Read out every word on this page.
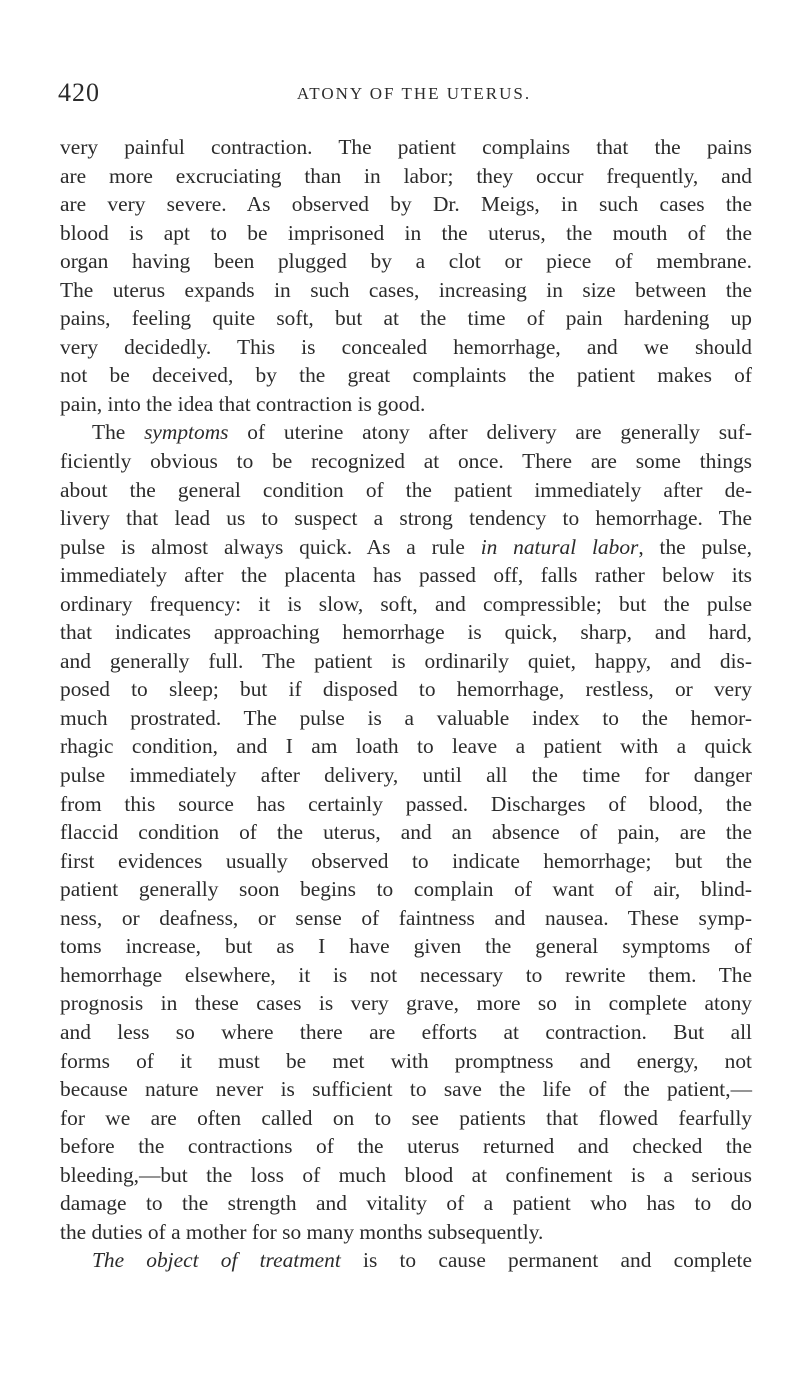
420	ATONY OF THE UTERUS.
very painful contraction. The patient complains that the pains
are more excruciating than in labor; they occur frequently, and
are very severe. As observed by Dr. Meigs, in such cases the
blood is apt to be imprisoned in the uterus, the mouth of the
organ having been plugged by a clot or piece of membrane.
The uterus expands in such cases, increasing in size between the
pains, feeling quite soft, but at the time of pain hardening up
very decidedly. This is concealed hemorrhage, and we should
not be deceived, by the great complaints the patient makes of
pain, into the idea that contraction is good.
The symptoms of uterine atony after delivery are generally suf-
ficiently obvious to be recognized at once. There are some things
about the general condition of the patient immediately after de-
livery that lead us to suspect a strong tendency to hemorrhage. The
pulse is almost always quick. As a rule in natural labor, the pulse,
immediately after the placenta has passed off, falls rather below its
ordinary frequency: it is slow, soft, and compressible; but the pulse
that indicates approaching hemorrhage is quick, sharp, and hard,
and generally full. The patient is ordinarily quiet, happy, and dis-
posed to sleep; but if disposed to hemorrhage, restless, or very
much prostrated. The pulse is a valuable index to the hemor-
rhagic condition, and I am loath to leave a patient with a quick
pulse immediately after delivery, until all the time for danger
from this source has certainly passed. Discharges of blood, the
flaccid condition of the uterus, and an absence of pain, are the
first evidences usually observed to indicate hemorrhage; but the
patient generally soon begins to complain of want of air, blind-
ness, or deafness, or sense of faintness and nausea. These symp-
toms increase, but as I have given the general symptoms of
hemorrhage elsewhere, it is not necessary to rewrite them. The
prognosis in these cases is very grave, more so in complete atony
and less so where there are efforts at contraction. But all
forms of it must be met with promptness and energy, not
because nature never is sufficient to save the life of the patient,—
for we are often called on to see patients that flowed fearfully
before the contractions of the uterus returned and checked the
bleeding,—but the loss of much blood at confinement is a serious
damage to the strength and vitality of a patient who has to do
the duties of a mother for so many months subsequently.
The object of treatment is to cause permanent and complete
